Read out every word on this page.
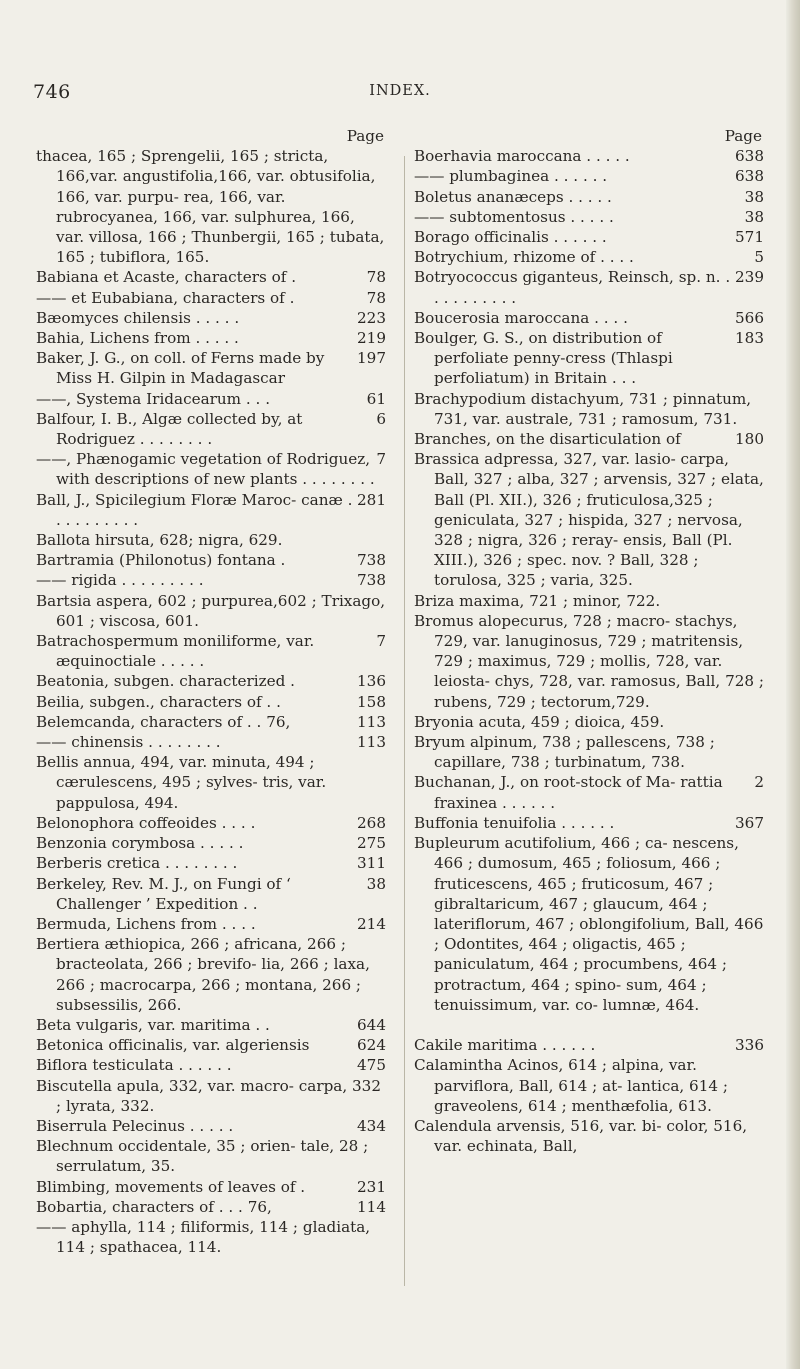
746	INDEX.
Page
thacea, 165 ; Sprengelii, 165 ; stricta, 166,var. angustifolia,166, var. obtusifolia, 166, var. purpu- rea, 166, var. rubrocyanea, 166, var. sulphurea, 166, var. villosa, 166 ; Thunbergii, 165 ; tubata, 165 ; tubiflora, 165.
78
Babiana et Acaste, characters of .
78
—— et Eubabiana, characters of .
223
Bæomyces chilensis . . . . .
219
Bahia, Lichens from . . . . .
197
Baker, J. G., on coll. of Ferns made by Miss H. Gilpin in Madagascar
61
——, Systema Iridacearum . . .
6
Balfour, I. B., Algæ collected by, at Rodriguez . . . . . . . .
7
——, Phænogamic vegetation of Rodriguez, with descriptions of new plants . . . . . . . .
281
Ball, J., Spicilegium Floræ Maroc- canæ . . . . . . . . . .
Ballota hirsuta, 628; nigra, 629.
738
Bartramia (Philonotus) fontana .
738
—— rigida . . . . . . . . .
Bartsia aspera, 602 ; purpurea,602 ; Trixago, 601 ; viscosa, 601.
7
Batrachospermum moniliforme, var. æquinoctiale . . . . .
136
Beatonia, subgen. characterized .
158
Beilia, subgen., characters of . .
113
Belemcanda, characters of . . 76,
113
—— chinensis . . . . . . . .
Bellis annua, 494, var. minuta, 494 ; cærulescens, 495 ; sylves- tris, var. pappulosa, 494.
268
Belonophora coffeoides . . . .
275
Benzonia corymbosa . . . . .
311
Berberis cretica . . . . . . . .
38
Berkeley, Rev. M. J., on Fungi of ‘ Challenger ’ Expedition . .
214
Bermuda, Lichens from . . . .
Bertiera æthiopica, 266 ; africana, 266 ; bracteolata, 266 ; brevifo- lia, 266 ; laxa, 266 ; macrocarpa, 266 ; montana, 266 ; subsessilis, 266.
644
Beta vulgaris, var. maritima . .
624
Betonica officinalis, var. algeriensis
475
Biflora testiculata . . . . . .
Biscutella apula, 332, var. macro- carpa, 332 ; lyrata, 332.
434
Biserrula Pelecinus . . . . .
Blechnum occidentale, 35 ; orien- tale, 28 ; serrulatum, 35.
231
Blimbing, movements of leaves of .
114
Bobartia, characters of . . . 76,
—— aphylla, 114 ; filiformis, 114 ; gladiata, 114 ; spathacea, 114.
Page
638
Boerhavia maroccana . . . . .
638
—— plumbaginea . . . . . .
38
Boletus ananæceps . . . . .
38
—— subtomentosus . . . . .
571
Borago officinalis . . . . . .
5
Botrychium, rhizome of . . . .
239
Botryococcus giganteus, Reinsch, sp. n. . . . . . . . . . .
566
Boucerosia maroccana . . . .
183
Boulger, G. S., on distribution of perfoliate penny-cress (Thlaspi perfoliatum) in Britain . . .
Brachypodium distachyum, 731 ; pinnatum, 731, var. australe, 731 ; ramosum, 731.
180
Branches, on the disarticulation of
Brassica adpressa, 327, var. lasio- carpa, Ball, 327 ; alba, 327 ; arvensis, 327 ; elata, Ball (Pl. XII.), 326 ; fruticulosa,325 ; geniculata, 327 ; hispida, 327 ; nervosa, 328 ; nigra, 326 ; reray- ensis, Ball (Pl. XIII.), 326 ; spec. nov. ? Ball, 328 ; torulosa, 325 ; varia, 325.
Briza maxima, 721 ; minor, 722.
Bromus alopecurus, 728 ; macro- stachys, 729, var. lanuginosus, 729 ; matritensis, 729 ; maximus, 729 ; mollis, 728, var. leiosta- chys, 728, var. ramosus, Ball, 728 ; rubens, 729 ; tectorum,729.
Bryonia acuta, 459 ; dioica, 459.
Bryum alpinum, 738 ; pallescens, 738 ; capillare, 738 ; turbinatum, 738.
2
Buchanan, J., on root-stock of Ma- rattia fraxinea . . . . . .
367
Buffonia tenuifolia . . . . . .
Bupleurum acutifolium, 466 ; ca- nescens, 466 ; dumosum, 465 ; foliosum, 466 ; fruticescens, 465 ; fruticosum, 467 ; gibraltaricum, 467 ; glaucum, 464 ; lateriflorum, 467 ; oblongifolium, Ball, 466 ; Odontites, 464 ; oligactis, 465 ; paniculatum, 464 ; procumbens, 464 ; protractum, 464 ; spino- sum, 464 ; tenuissimum, var. co- lumnæ, 464.
336
Cakile maritima . . . . . .
Calamintha Acinos, 614 ; alpina, var. parviflora, Ball, 614 ; at- lantica, 614 ; graveolens, 614 ; menthæfolia, 613.
Calendula arvensis, 516, var. bi- color, 516, var. echinata, Ball,
